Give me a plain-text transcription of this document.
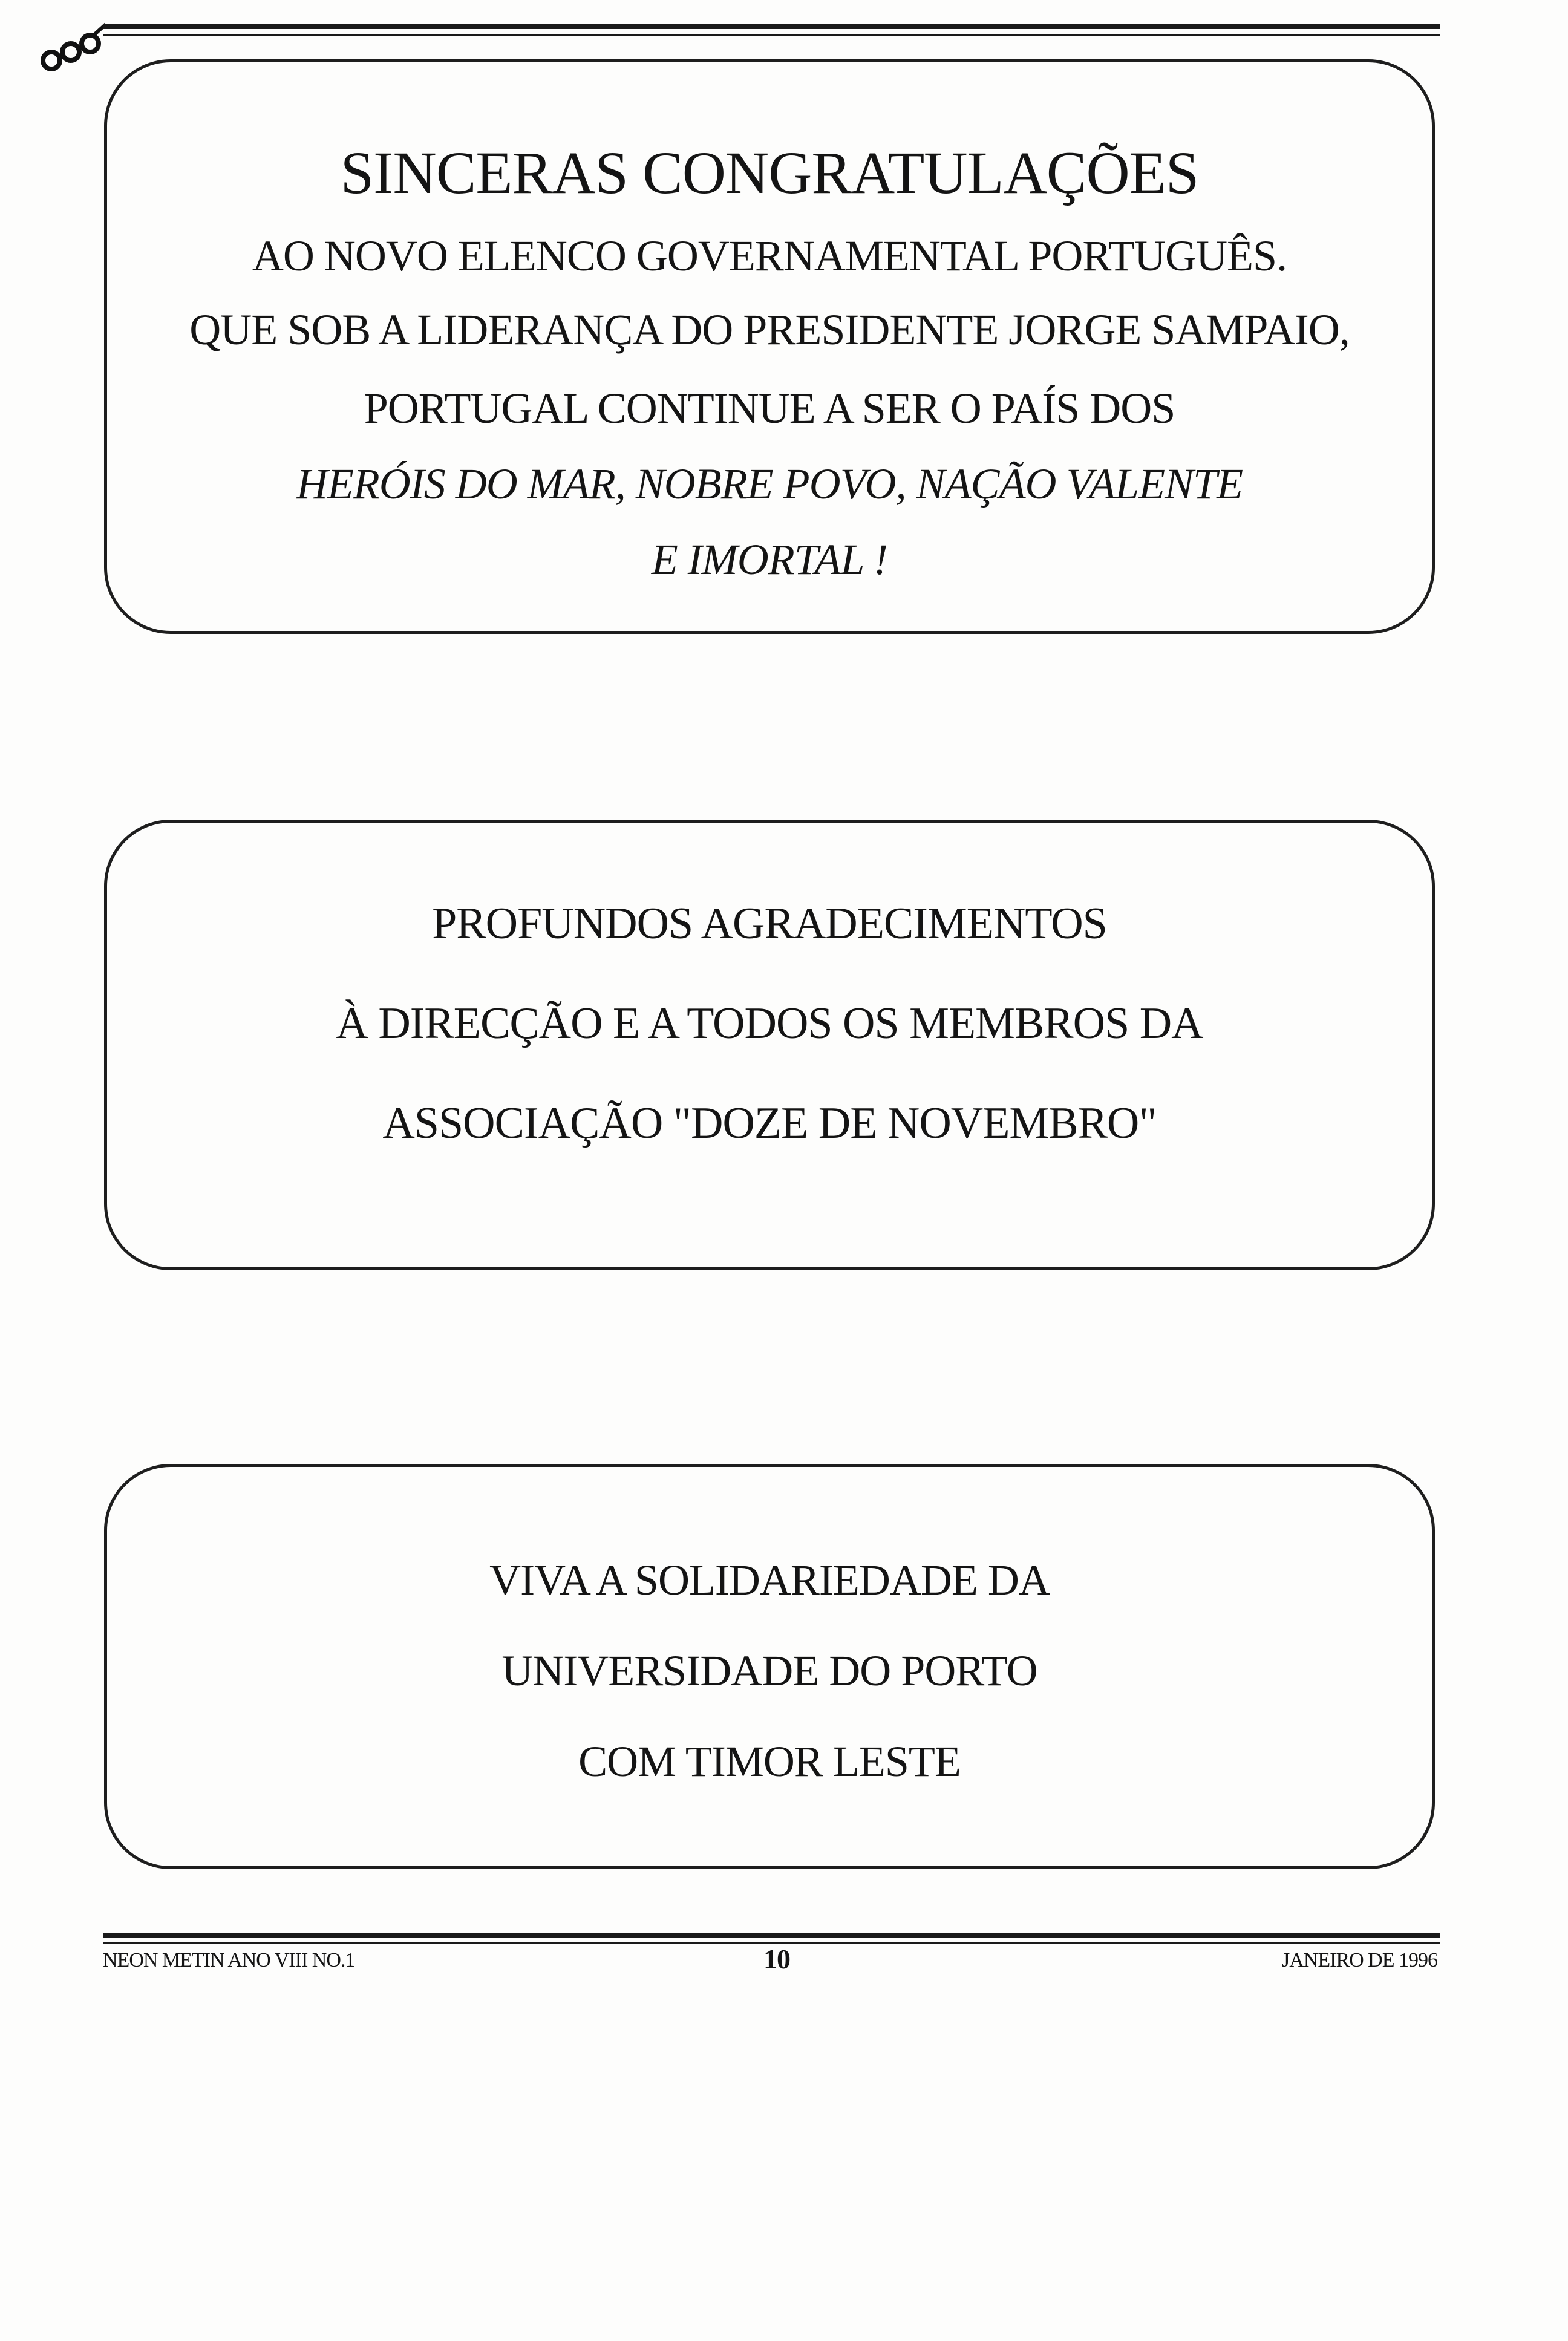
SINCERAS CONGRATULAÇÕES
AO NOVO ELENCO GOVERNAMENTAL PORTUGUÊS.
QUE SOB A LIDERANÇA DO PRESIDENTE JORGE SAMPAIO,
PORTUGAL CONTINUE A SER O PAÍS DOS
HERÓIS DO MAR, NOBRE POVO, NAÇÃO VALENTE
E IMORTAL !
PROFUNDOS AGRADECIMENTOS
À DIRECÇÃO E A TODOS OS MEMBROS DA
ASSOCIAÇÃO "DOZE DE NOVEMBRO"
VIVA A SOLIDARIEDADE DA
UNIVERSIDADE DO PORTO
COM TIMOR LESTE
NEON METIN ANO VIII NO.1	10	JANEIRO DE 1996
